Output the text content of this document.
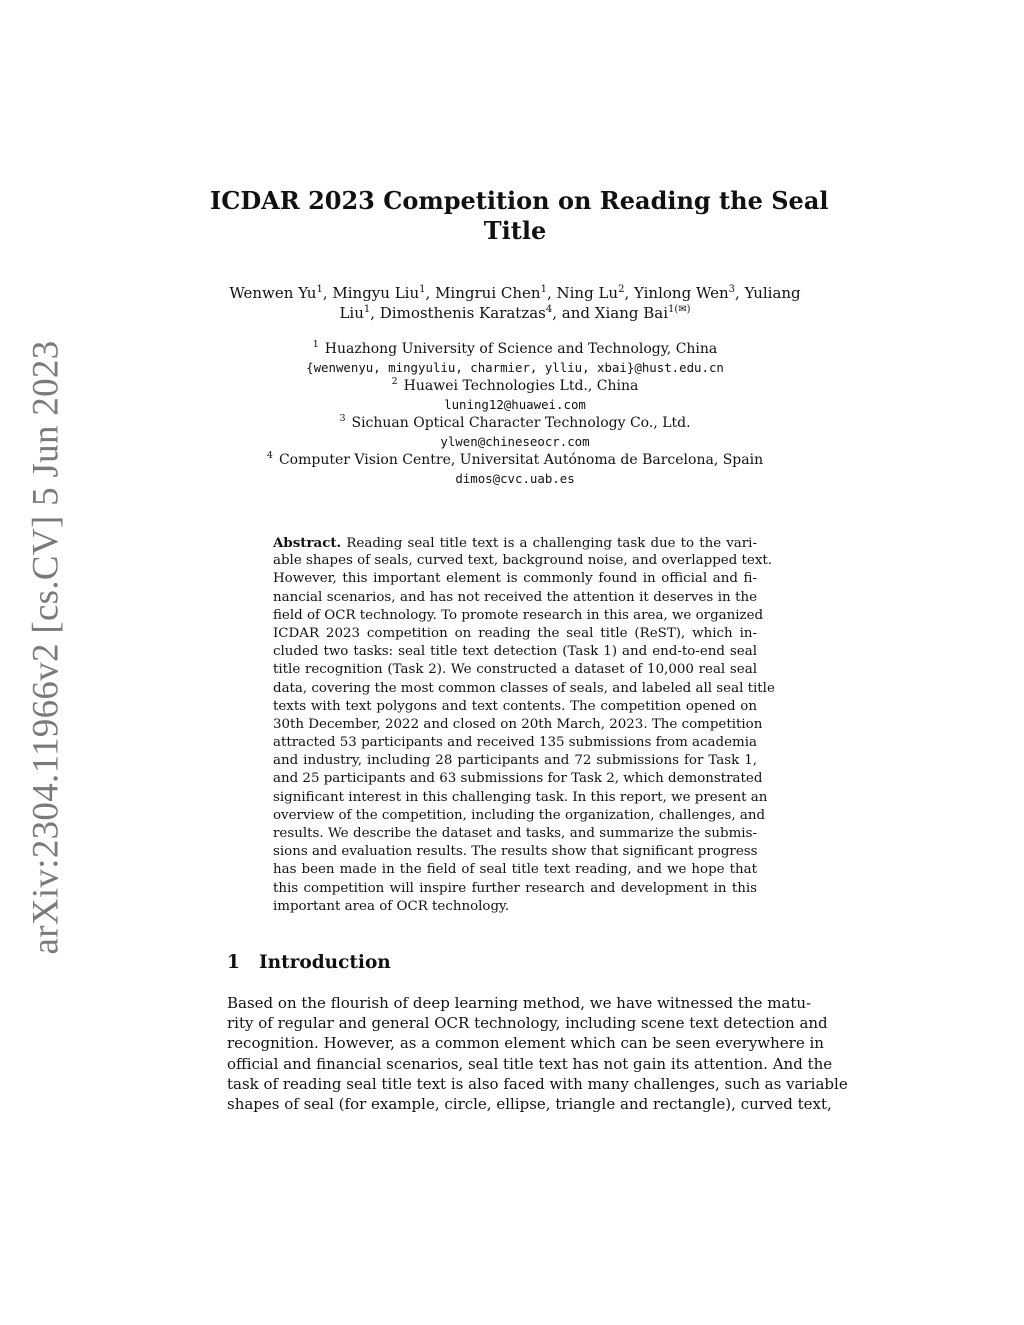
arXiv:2304.11966v2 [cs.CV] 5 Jun 2023
ICDAR 2023 Competition on Reading the Seal
Title
Wenwen Yu$^1$, Mingyu Liu$^1$, Mingrui Chen$^1$, Ning Lu$^2$, Yinlong Wen$^3$, Yuliang
Liu$^1$, Dimosthenis Karatzas$^4$, and Xiang Bai$^{1(✉)}$
$^1$ Huazhong University of Science and Technology, China
{wenwenyu, mingyuliu, charmier, ylliu, xbai}@hust.edu.cn
$^2$ Huawei Technologies Ltd., China
luning12@huawei.com
$^3$ Sichuan Optical Character Technology Co., Ltd.
ylwen@chineseocr.com
$^4$ Computer Vision Centre, Universitat Autónoma de Barcelona, Spain
dimos@cvc.uab.es
Abstract. Reading seal title text is a challenging task due to the vari-
able shapes of seals, curved text, background noise, and overlapped text.
However, this important element is commonly found in official and fi-
nancial scenarios, and has not received the attention it deserves in the
field of OCR technology. To promote research in this area, we organized
ICDAR 2023 competition on reading the seal title (ReST), which in-
cluded two tasks: seal title text detection (Task 1) and end-to-end seal
title recognition (Task 2). We constructed a dataset of 10,000 real seal
data, covering the most common classes of seals, and labeled all seal title
texts with text polygons and text contents. The competition opened on
30th December, 2022 and closed on 20th March, 2023. The competition
attracted 53 participants and received 135 submissions from academia
and industry, including 28 participants and 72 submissions for Task 1,
and 25 participants and 63 submissions for Task 2, which demonstrated
significant interest in this challenging task. In this report, we present an
overview of the competition, including the organization, challenges, and
results. We describe the dataset and tasks, and summarize the submis-
sions and evaluation results. The results show that significant progress
has been made in the field of seal title text reading, and we hope that
this competition will inspire further research and development in this
important area of OCR technology.
1 Introduction
Based on the flourish of deep learning method, we have witnessed the matu-
rity of regular and general OCR technology, including scene text detection and
recognition. However, as a common element which can be seen everywhere in
official and financial scenarios, seal title text has not gain its attention. And the
task of reading seal title text is also faced with many challenges, such as variable
shapes of seal (for example, circle, ellipse, triangle and rectangle), curved text,
